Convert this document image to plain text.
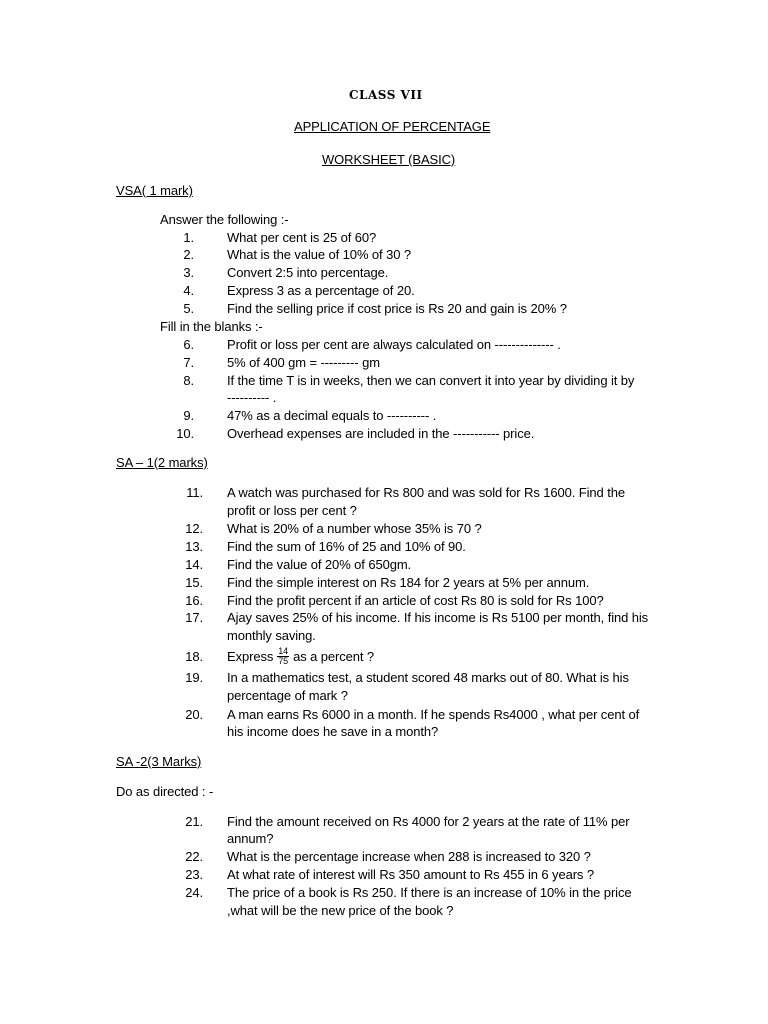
CLASS VII
APPLICATION OF PERCENTAGE
WORKSHEET (BASIC)
VSA( 1 mark)
Answer the following :-
1.	What per cent is 25 of 60?
2.	What is the value of 10% of 30 ?
3.	Convert 2:5 into percentage.
4.	Express 3 as a percentage of 20.
5.	Find the selling price if cost price is Rs 20 and gain is 20% ?
Fill in the blanks :-
6.	Profit or loss per cent are always calculated on -------------- .
7.	5% of 400 gm = --------- gm
8.	If the time T is in weeks, then we can convert it into year by dividing it by
---------- .
9.	47% as a decimal equals to ---------- .
10.	Overhead expenses are included in the ----------- price.
SA – 1(2 marks)
11. A watch was purchased for Rs 800 and was sold for Rs 1600. Find the
profit or loss per cent ?
12. What is 20% of a number whose 35% is 70 ?
13. Find the sum of 16% of 25 and 10% of 90.
14. Find the value of 20% of 650gm.
15. Find the simple interest on Rs 184 for 2 years at 5% per annum.
16. Find the profit percent if an article of cost Rs 80 is sold for Rs 100?
17. Ajay saves 25% of his income. If his income is Rs 5100 per month, find his
monthly saving.
18. Express $\frac{14}{75}$ as a percent ?
19. In a mathematics test, a student scored 48 marks out of 80. What is his
percentage of mark ?
20. A man earns Rs 6000 in a month. If he spends Rs4000 , what per cent of
his income does he save in a month?
SA -2(3 Marks)
Do as directed : -
21. Find the amount received on Rs 4000 for 2 years at the rate of 11% per
annum?
22. What is the percentage increase when 288 is increased to 320 ?
23. At what rate of interest will Rs 350 amount to Rs 455 in 6 years ?
24. The price of a book is Rs 250. If there is an increase of 10% in the price
,what will be the new price of the book ?
